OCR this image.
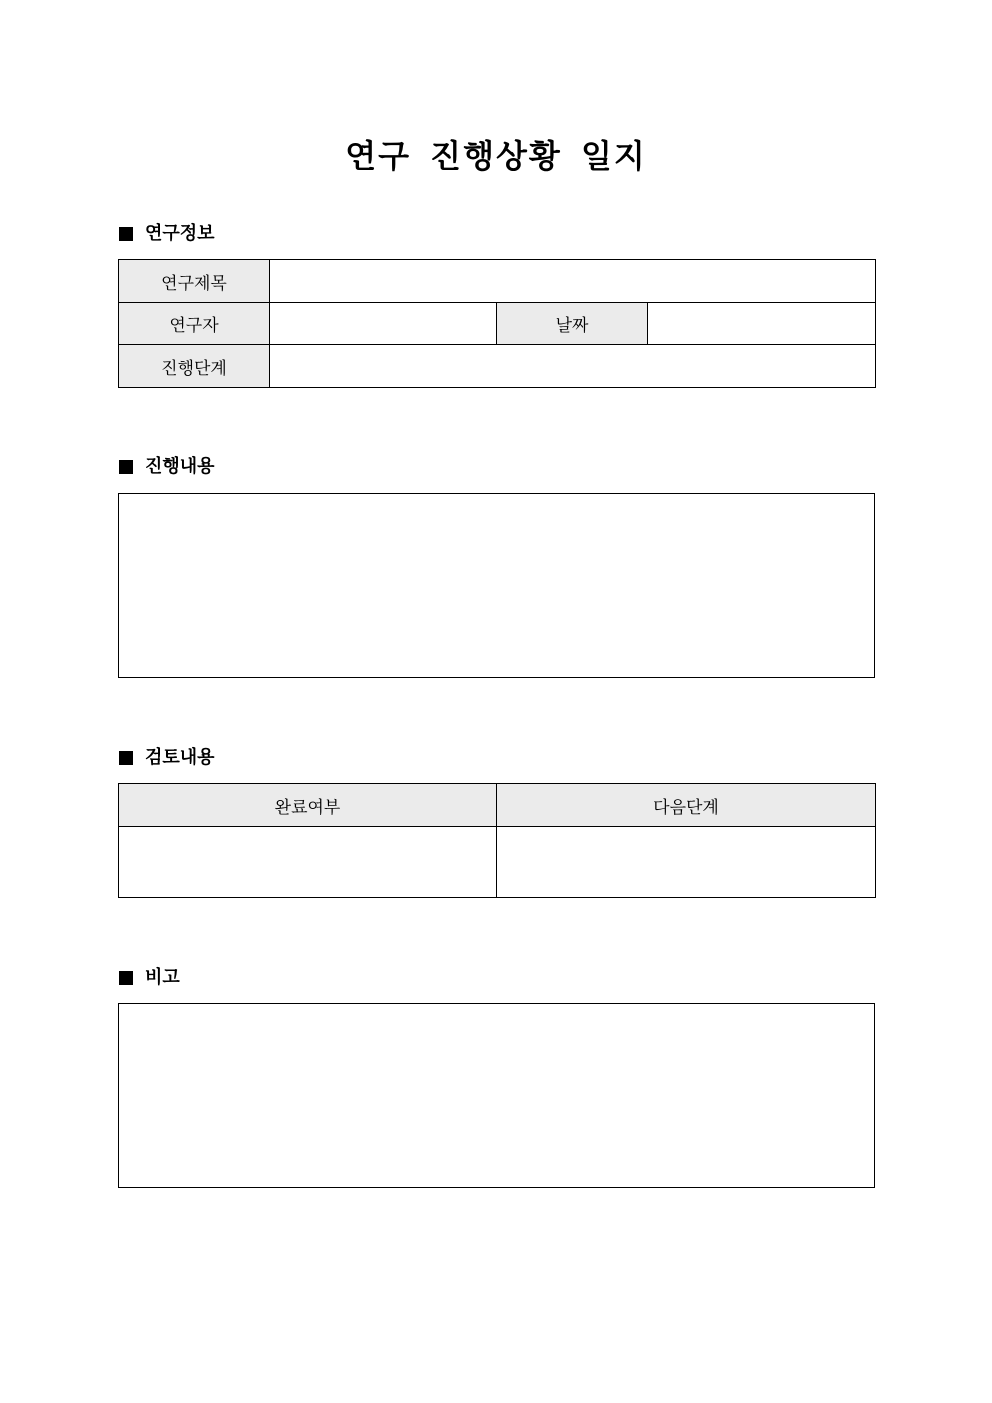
연구 진행상황 일지
연구정보
연구제목			
연구자		날짜	
진행단계			
진행내용
검토내용
완료여부	다음단계

비고
